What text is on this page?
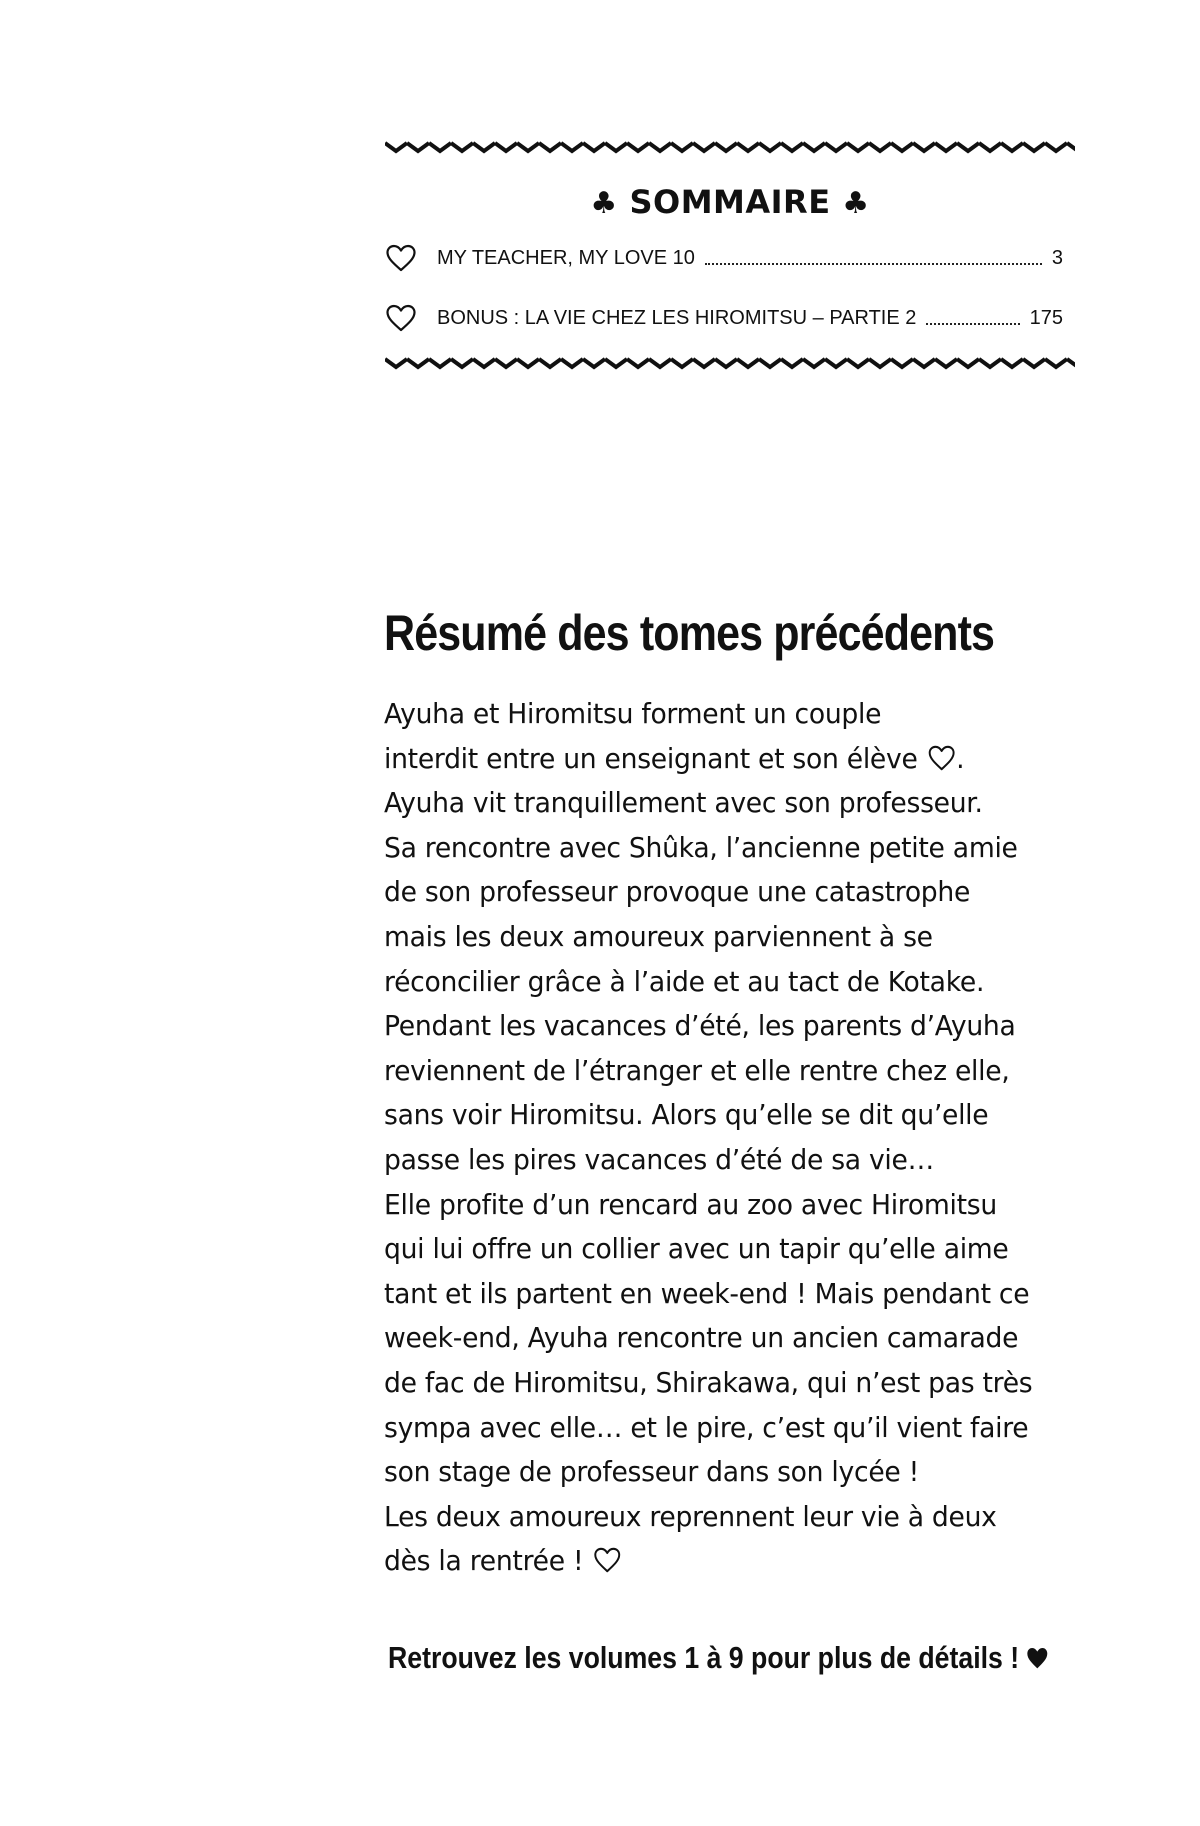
♣ SOMMAIRE ♣
MY TEACHER, MY LOVE 10	3
BONUS : LA VIE CHEZ LES HIROMITSU – PARTIE 2	175
Résumé des tomes précédents
Ayuha et Hiromitsu forment un couple
interdit entre un enseignant et son élève .
Ayuha vit tranquillement avec son professeur.
Sa rencontre avec Shûka, l’ancienne petite amie
de son professeur provoque une catastrophe
mais les deux amoureux parviennent à se
réconcilier grâce à l’aide et au tact de Kotake.
Pendant les vacances d’été, les parents d’Ayuha
reviennent de l’étranger et elle rentre chez elle,
sans voir Hiromitsu. Alors qu’elle se dit qu’elle
passe les pires vacances d’été de sa vie…
Elle profite d’un rencard au zoo avec Hiromitsu
qui lui offre un collier avec un tapir qu’elle aime
tant et ils partent en week-end ! Mais pendant ce
week-end, Ayuha rencontre un ancien camarade
de fac de Hiromitsu, Shirakawa, qui n’est pas très
sympa avec elle… et le pire, c’est qu’il vient faire
son stage de professeur dans son lycée !
Les deux amoureux reprennent leur vie à deux
dès la rentrée !
Retrouvez les volumes 1 à 9 pour plus de détails !
